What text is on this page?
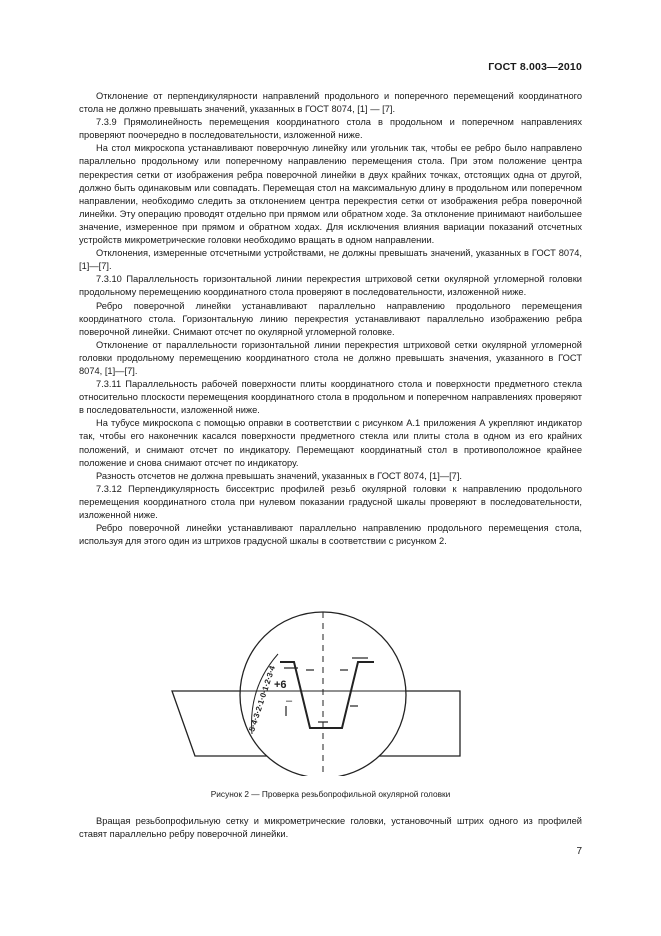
ГОСТ 8.003—2010

Отклонение от перпендикулярности направлений продольного и поперечного перемещений координатного стола не должно превышать значений, указанных в ГОСТ 8074, [1] — [7].

7.3.9 Прямолинейность перемещения координатного стола в продольном и поперечном направлениях проверяют поочередно в последовательности, изложенной ниже.

На стол микроскопа устанавливают поверочную линейку или угольник так, чтобы ее ребро было направлено параллельно продольному или поперечному направлению перемещения стола. При этом положение центра перекрестия сетки от изображения ребра поверочной линейки в двух крайних точках, отстоящих одна от другой, должно быть одинаковым или совпадать. Перемещая стол на максимальную длину в продольном или поперечном направлении, необходимо следить за отклонением центра перекрестия сетки от изображения ребра поверочной линейки. Эту операцию проводят отдельно при прямом или обратном ходе. За отклонение принимают наибольшее значение, измеренное при прямом и обратном ходах. Для исключения влияния вариации показаний отсчетных устройств микрометрические головки необходимо вращать в одном направлении.

Отклонения, измеренные отсчетными устройствами, не должны превышать значений, указанных в ГОСТ 8074, [1]—[7].

7.3.10 Параллельность горизонтальной линии перекрестия штриховой сетки окулярной угломерной головки продольному перемещению координатного стола проверяют в последовательности, изложенной ниже.

Ребро поверочной линейки устанавливают параллельно направлению продольного перемещения координатного стола. Горизонтальную линию перекрестия устанавливают параллельно изображению ребра поверочной линейки. Снимают отсчет по окулярной угломерной головке.

Отклонение от параллельности горизонтальной линии перекрестия штриховой сетки окулярной угломерной головки продольному перемещению координатного стола не должно превышать значения, указанного в ГОСТ 8074, [1]—[7].

7.3.11 Параллельность рабочей поверхности плиты координатного стола и поверхности предметного стекла относительно плоскости перемещения координатного стола в продольном и поперечном направлениях проверяют в последовательности, изложенной ниже.

На тубусе микроскопа с помощью оправки в соответствии с рисунком А.1 приложения А укрепляют индикатор так, чтобы его наконечник касался поверхности предметного стекла или плиты стола в одном из его крайних положений, и снимают отсчет по индикатору. Перемещают координатный стол в противоположное крайнее положение и снова снимают отсчет по индикатору.

Разность отсчетов не должна превышать значений, указанных в ГОСТ 8074, [1]—[7].

7.3.12 Перпендикулярность биссектрис профилей резьб окулярной головки к направлению продольного перемещения координатного стола при нулевом показании градусной шкалы проверяют в последовательности, изложенной ниже.

Ребро поверочной линейки устанавливают параллельно направлению продольного перемещения стола, используя для этого один из штрихов градусной шкалы в соответствии с рисунком 2.

5·4·3·2·1·0·1·2·3·4
+6
–
Рисунок 2 — Проверка резьбопрофильной окулярной головки

Вращая резьбопрофильную сетку и микрометрические головки, установочный штрих одного из профилей ставят параллельно ребру поверочной линейки.

7
